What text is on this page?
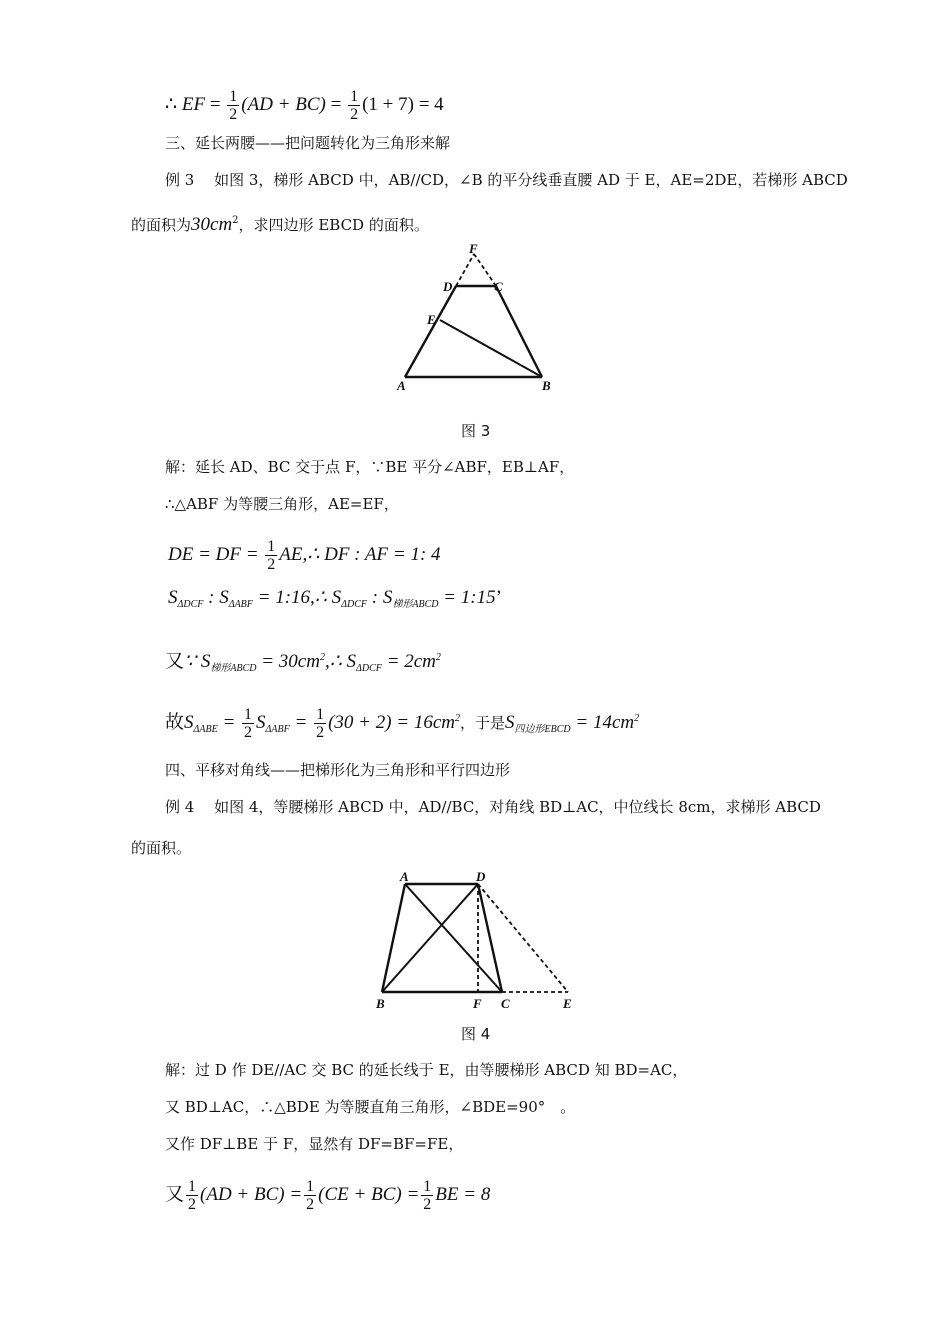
∴ EF = $\frac{1}{2} (AD + BC) = \frac{1}{2} (1 + 7) = 4$
三、延长两腰——把问题转化为三角形来解
例 3　 如图 3，梯形 ABCD 中，AB//CD，∠B 的平分线垂直腰 AD 于 E，AE=2DE，若梯形 ABCD
的面积为$30cm^2$，求四边形 EBCD 的面积。
F
D	C
E
A	B
图 3
解：延长 AD、BC 交于点 F，∵BE 平分∠ABF，EB⊥AF，
∴△ABF 为等腰三角形，AE=EF，
DE = DF = $\frac{1}{2}$ AE,∴ DF : AF = 1: 4
$S_{\Delta DCF}$ : $S_{\Delta ABF}$ = 1:16,∴ $S_{\Delta DCF}$ : $S_{梯形ABCD}$ = 1:15’
又∵ $S_{梯形ABCD}$ = $30cm^2,\therefore$ $S_{\Delta DCF} = 2cm^2$
故$S_{\Delta ABE} = \frac{1}{2} S_{\Delta ABF} = \frac{1}{2} (30 + 2) = 16cm^2$，于是$S_{四边形EBCD} = 14cm^2$
四、平移对角线——把梯形化为三角形和平行四边形
例 4　 如图 4，等腰梯形 ABCD 中，AD//BC，对角线 BD⊥AC，中位线长 8cm，求梯形 ABCD
的面积。
A	D
B	F C	E
图 4
解：过 D 作 DE//AC 交 BC 的延长线于 E，由等腰梯形 ABCD 知 BD=AC，
又 BD⊥AC，∴△BDE 为等腰直角三角形，∠BDE=90°　。
又作 DF⊥BE 于 F，显然有 DF=BF=FE，
又 $\frac{1}{2} (AD + BC) = \frac{1}{2} (CE + BC) = \frac{1}{2}$ BE = 8
